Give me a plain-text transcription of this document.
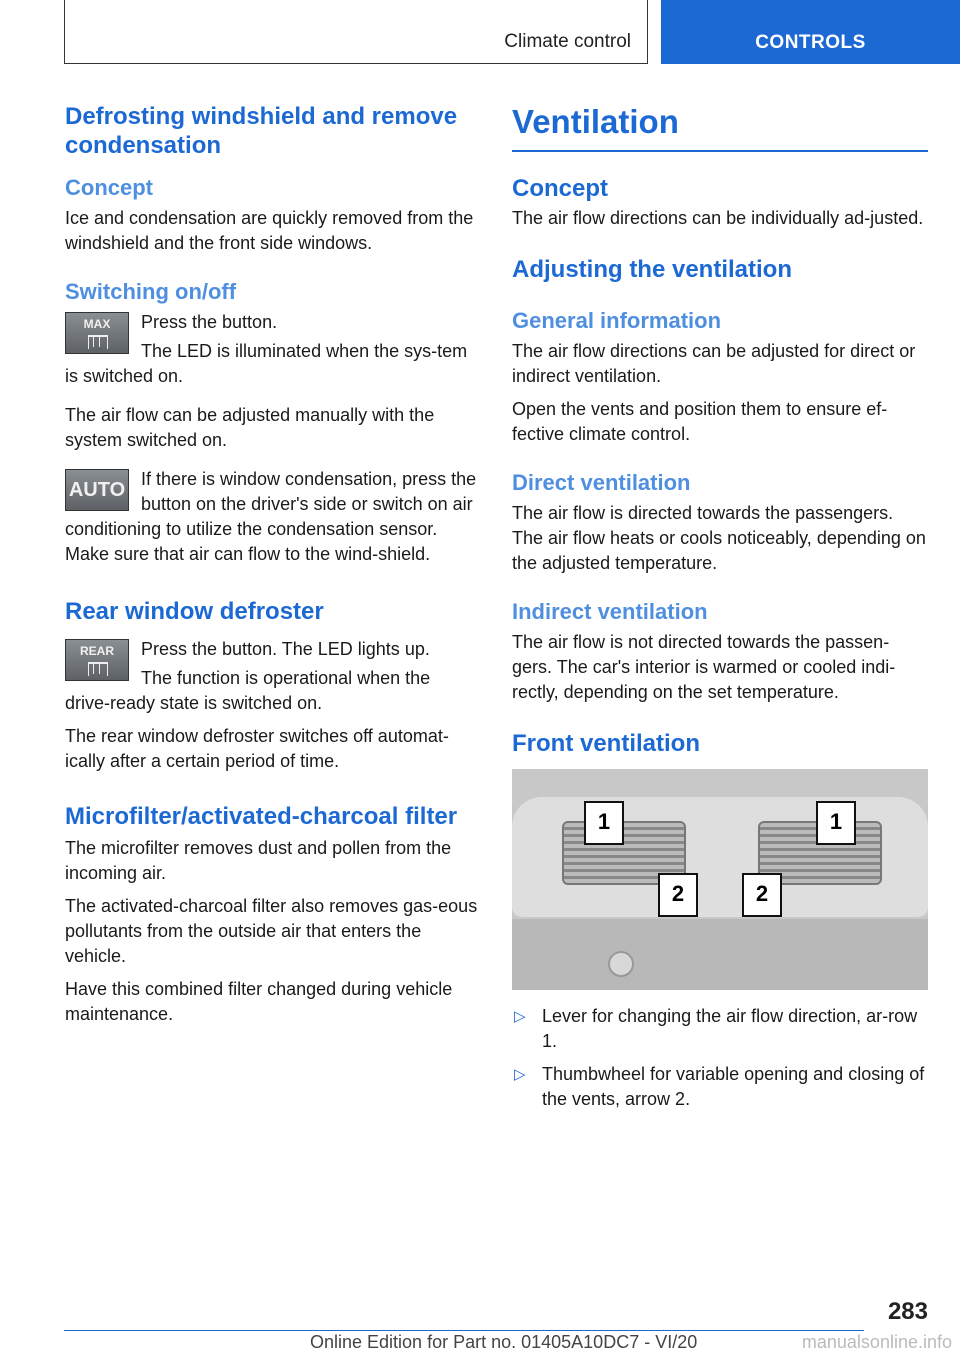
Climate control	CONTROLS
Defrosting windshield and remove condensation
Concept

Ice and condensation are quickly removed from the windshield and the front side windows.

Switching on/off
MAX	Press the button.

The LED is illuminated when the sys-tem is switched on.

The air flow can be adjusted manually with the system switched on.

AUTO If there is window condensation, press the button on the driver's side or switch on air conditioning to utilize the condensation sensor. Make sure that air can flow to the wind-shield.

Rear window defroster
REAR	Press the button. The LED lights up.

The function is operational when the drive-ready state is switched on.

The rear window defroster switches off automat-ically after a certain period of time.

Microfilter/activated-charcoal filter

The microfilter removes dust and pollen from the incoming air.

The activated-charcoal filter also removes gas-eous pollutants from the outside air that enters the vehicle.

Have this combined filter changed during vehicle maintenance.

Ventilation
Concept

The air flow directions can be individually ad-justed.

Adjusting the ventilation
General information

The air flow directions can be adjusted for direct or indirect ventilation.

Open the vents and position them to ensure ef-fective climate control.

Direct ventilation

The air flow is directed towards the passengers. The air flow heats or cools noticeably, depending on the adjusted temperature.

Indirect ventilation

The air flow is not directed towards the passen-gers. The car's interior is warmed or cooled indi-rectly, depending on the set temperature.

Front ventilation
1	1
2	2
▷ Lever for changing the air flow direction, ar-row 1.
▷ Thumbwheel for variable opening and closing of the vents, arrow 2.
283
Online Edition for Part no. 01405A10DC7 - VI/20	manualsonline.info
